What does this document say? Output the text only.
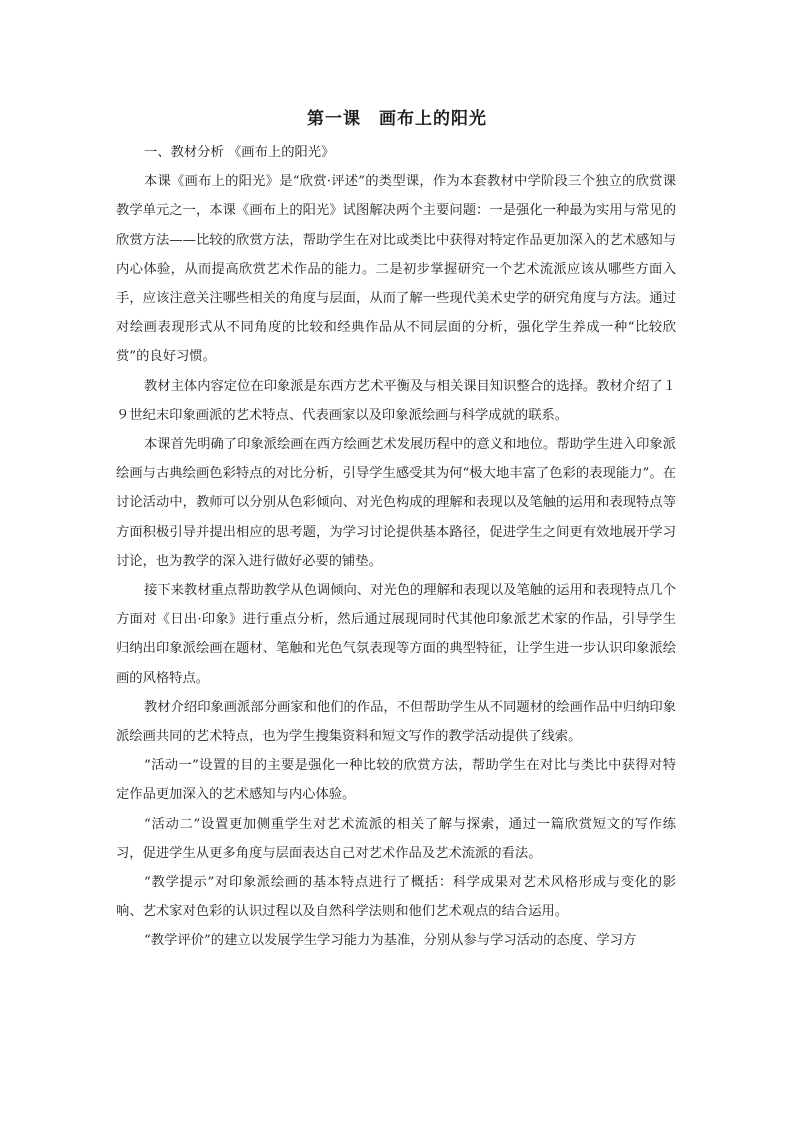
第一课　画布上的阳光

一、教材分析 《画布上的阳光》

本课《画布上的阳光》是“欣赏·评述”的类型课，作为本套教材中学阶段三个独立的欣赏课教学单元之一，本课《画布上的阳光》试图解决两个主要问题：一是强化一种最为实用与常见的欣赏方法——比较的欣赏方法，帮助学生在对比或类比中获得对特定作品更加深入的艺术感知与内心体验，从而提高欣赏艺术作品的能力。二是初步掌握研究一个艺术流派应该从哪些方面入手，应该注意关注哪些相关的角度与层面，从而了解一些现代美术史学的研究角度与方法。通过对绘画表现形式从不同角度的比较和经典作品从不同层面的分析，强化学生养成一种“比较欣赏”的良好习惯。

教材主体内容定位在印象派是东西方艺术平衡及与相关课目知识整合的选择。教材介绍了１９世纪末印象画派的艺术特点、代表画家以及印象派绘画与科学成就的联系。

本课首先明确了印象派绘画在西方绘画艺术发展历程中的意义和地位。帮助学生进入印象派绘画与古典绘画色彩特点的对比分析，引导学生感受其为何“极大地丰富了色彩的表现能力”。在讨论活动中，教师可以分别从色彩倾向、对光色构成的理解和表现以及笔触的运用和表现特点等方面积极引导并提出相应的思考题，为学习讨论提供基本路径，促进学生之间更有效地展开学习讨论，也为教学的深入进行做好必要的铺垫。

接下来教材重点帮助教学从色调倾向、对光色的理解和表现以及笔触的运用和表现特点几个方面对《日出·印象》进行重点分析，然后通过展现同时代其他印象派艺术家的作品，引导学生归纳出印象派绘画在题材、笔触和光色气氛表现等方面的典型特征，让学生进一步认识印象派绘画的风格特点。

教材介绍印象画派部分画家和他们的作品，不但帮助学生从不同题材的绘画作品中归纳印象派绘画共同的艺术特点，也为学生搜集资料和短文写作的教学活动提供了线索。

“活动一”设置的目的主要是强化一种比较的欣赏方法，帮助学生在对比与类比中获得对特定作品更加深入的艺术感知与内心体验。

“活动二”设置更加侧重学生对艺术流派的相关了解与探索，通过一篇欣赏短文的写作练习，促进学生从更多角度与层面表达自己对艺术作品及艺术流派的看法。

“教学提示”对印象派绘画的基本特点进行了概括：科学成果对艺术风格形成与变化的影响、艺术家对色彩的认识过程以及自然科学法则和他们艺术观点的结合运用。

“教学评价”的建立以发展学生学习能力为基准，分别从参与学习活动的态度、学习方
